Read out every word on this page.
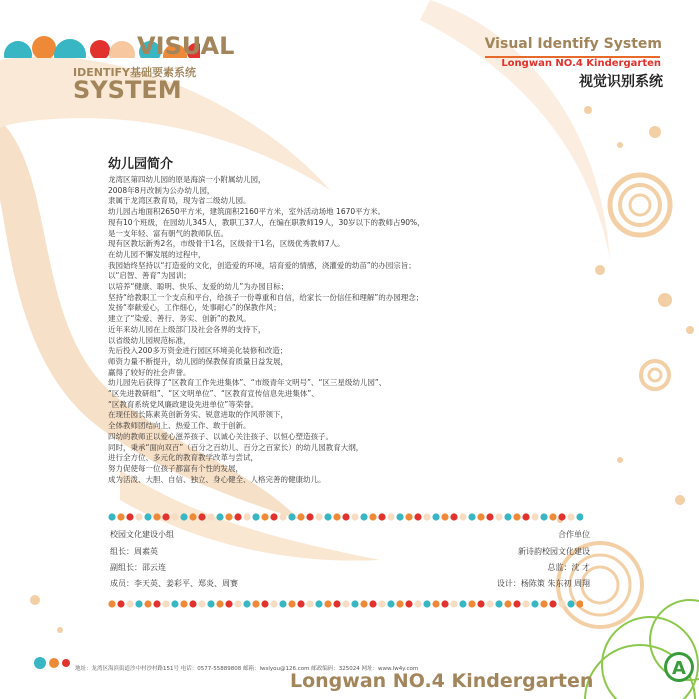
VISUAL
IDENTIFY基础要素系统
SYSTEM
Visual Identify System
Longwan NO.4 Kindergarten
视觉识别系统
幼儿园简介
龙湾区第四幼儿园的原是海滨一小附属幼儿园，
2008年8月改制为公办幼儿园，
隶属于龙湾区教育局，现为省二级幼儿园。
幼儿园占地面积2650平方米，建筑面积2160平方米，室外活动场地 1670平方米。
现有10个班级，在园幼儿345人，教职工37人，在编在职教师19人，30岁以下的教师占90%，
是一支年轻、富有朝气的教师队伍。
现有区教坛新秀2名，市级骨干1名，区级骨干1名，区级优秀教师7人。
在幼儿园不懈发展的过程中，
我园始终坚持以“打造爱的文化，创造爱的环境，培育爱的情感，浇灌爱的幼苗”的办园宗旨；
以“启智、善育”为园训；
以培养“健康、聪明、快乐、友爱的幼儿”为办园目标；
坚持“给教职工一个支点和平台，给孩子一份尊重和自信，给家长一份信任和理解”的办园理念；
发扬“奉献爱心，工作细心，处事耐心”的保教作风；
建立了“染爱、善行、务实、创新”的教风。
近年来幼儿园在上级部门及社会各界的支持下，
以省级幼儿园规范标准，
先后投入200多万资金进行园区环境美化装修和改造；
师资力量不断提升，幼儿园的保教保育质量日益发展，
赢得了较好的社会声誉。
幼儿园先后获得了“区教育工作先进集体”、“市级青年文明号”、“区三星级幼儿园”、
“区先进教研组”、“区文明单位”、“区教育宣传信息先进集体”、
“区教育系统党风廉政建设先进单位”等荣誉。
在现任园长陈素英创新务实、锐意进取的作风带领下，
全体教师团结向上、热爱工作、敢于创新。
四幼的教师正以爱心滋养孩子、以诚心关注孩子、以恒心塑造孩子。
同时，秉承“面向双百”（百分之百幼儿、百分之百家长）的幼儿园教育大纲，
进行全方位、多元化的教育教学改革与尝试，
努力促使每一位孩子都富有个性的发展，
成为活泼、大胆、自信、独立、身心健全、人格完善的健康幼儿。
校园文化建设小组
组长：周素英
副组长：邵云连
成员：李天英、姜彩平、郑炎、周赛
合作单位
新诗韵校园文化建设
总监：沈 才
设计：杨陈策 朱东初 周翔
地址：龙湾区海滨街道沙中村沙村路151号 电话：0577-55889808 邮箱：lwslyou@126.com 邮政编码：325024 网址：www.lw4y.com
Longwan NO.4 Kindergarten
A
